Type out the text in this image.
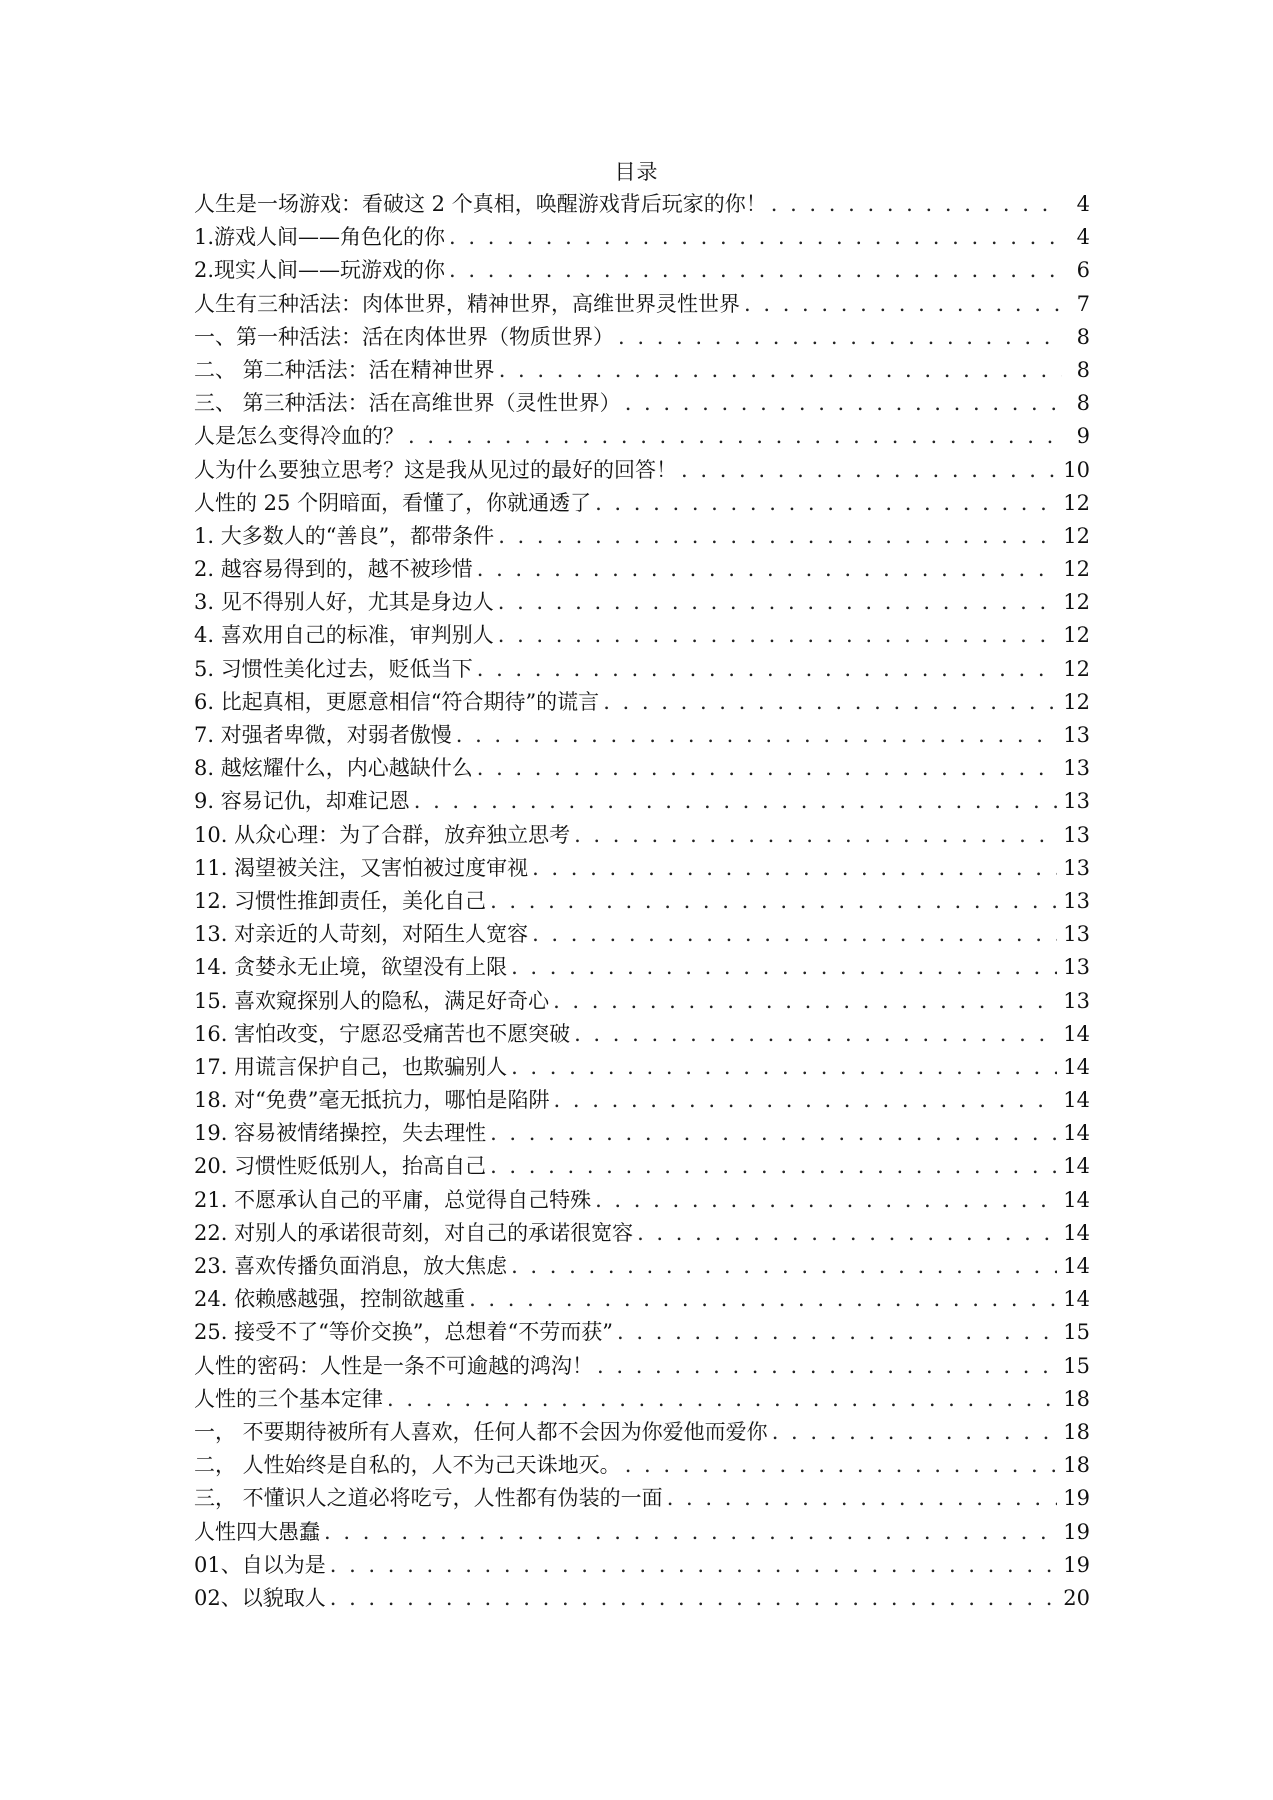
目录
人生是一场游戏：看破这 2 个真相，唤醒游戏背后玩家的你！ . . .	4
1.游戏人间——角色化的你 . . .	4
2.现实人间——玩游戏的你 . . .	6
人生有三种活法：肉体世界，精神世界，高维世界灵性世界 . . .	7
一、第一种活法：活在肉体世界（物质世界） . . .	8
二、 第二种活法：活在精神世界 . . .	8
三、 第三种活法：活在高维世界（灵性世界） . . .	8
人是怎么变得冷血的？ . . .	9
人为什么要独立思考？这是我从见过的最好的回答！ . . .	10
人性的 25 个阴暗面，看懂了，你就通透了 . . .	12
1. 大多数人的“善良”，都带条件 . . .	12
2. 越容易得到的，越不被珍惜 . . .	12
3. 见不得别人好，尤其是身边人 . . .	12
4. 喜欢用自己的标准，审判别人 . . .	12
5. 习惯性美化过去，贬低当下 . . .	12
6. 比起真相，更愿意相信“符合期待”的谎言 . . .	12
7. 对强者卑微，对弱者傲慢 . . .	13
8. 越炫耀什么，内心越缺什么 . . .	13
9. 容易记仇，却难记恩 . . .	13
10. 从众心理：为了合群，放弃独立思考 . . .	13
11. 渴望被关注，又害怕被过度审视 . . .	13
12. 习惯性推卸责任，美化自己 . . .	13
13. 对亲近的人苛刻，对陌生人宽容 . . .	13
14. 贪婪永无止境，欲望没有上限 . . .	13
15. 喜欢窥探别人的隐私，满足好奇心 . . .	13
16. 害怕改变，宁愿忍受痛苦也不愿突破 . . .	14
17. 用谎言保护自己，也欺骗别人 . . .	14
18. 对“免费”毫无抵抗力，哪怕是陷阱 . . .	14
19. 容易被情绪操控，失去理性 . . .	14
20. 习惯性贬低别人，抬高自己 . . .	14
21. 不愿承认自己的平庸，总觉得自己特殊 . . .	14
22. 对别人的承诺很苛刻，对自己的承诺很宽容 . . .	14
23. 喜欢传播负面消息，放大焦虑 . . .	14
24. 依赖感越强，控制欲越重 . . .	14
25. 接受不了“等价交换”，总想着“不劳而获” . . .	15
人性的密码：人性是一条不可逾越的鸿沟！ . . .	15
人性的三个基本定律 . . .	18
一， 不要期待被所有人喜欢，任何人都不会因为你爱他而爱你 . . .	18
二， 人性始终是自私的，人不为己天诛地灭。 . . .	18
三， 不懂识人之道必将吃亏，人性都有伪装的一面 . . .	19
人性四大愚蠢 . . .	19
01、自以为是 . . .	19
02、以貌取人 . . .	20
